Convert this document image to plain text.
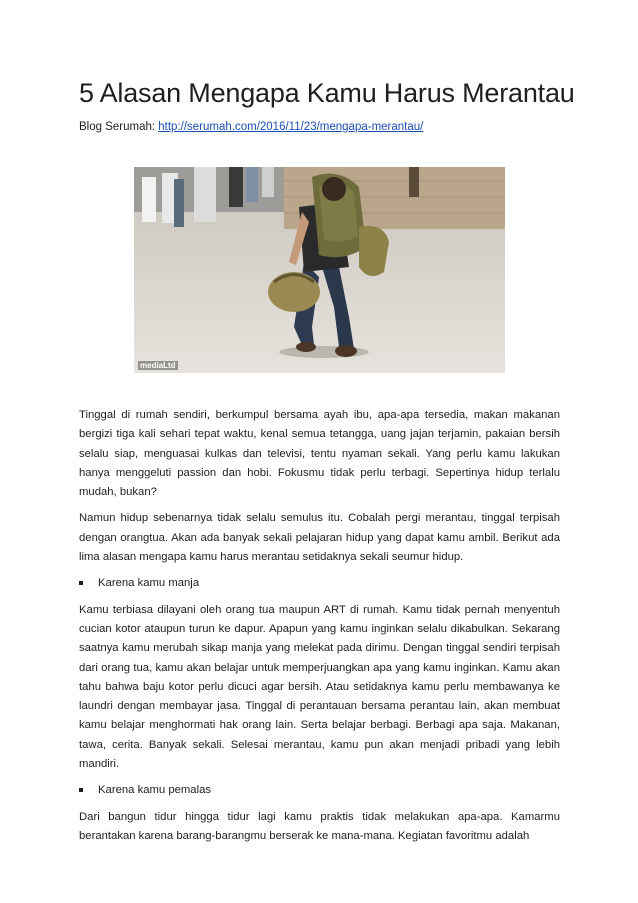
5 Alasan Mengapa Kamu Harus Merantau
Blog Serumah: http://serumah.com/2016/11/23/mengapa-merantau/
mediaLtd

Tinggal di rumah sendiri, berkumpul bersama ayah ibu, apa-apa tersedia, makan makanan bergizi tiga kali sehari tepat waktu, kenal semua tetangga, uang jajan terjamin, pakaian bersih selalu siap, menguasai kulkas dan televisi, tentu nyaman sekali. Yang perlu kamu lakukan hanya menggeluti passion dan hobi. Fokusmu tidak perlu terbagi. Sepertinya hidup terlalu mudah, bukan?

Namun hidup sebenarnya tidak selalu semulus itu. Cobalah pergi merantau, tinggal terpisah dengan orangtua. Akan ada banyak sekali pelajaran hidup yang dapat kamu ambil. Berikut ada lima alasan mengapa kamu harus merantau setidaknya sekali seumur hidup.

Karena kamu manja

Kamu terbiasa dilayani oleh orang tua maupun ART di rumah. Kamu tidak pernah menyentuh cucian kotor ataupun turun ke dapur. Apapun yang kamu inginkan selalu dikabulkan. Sekarang saatnya kamu merubah sikap manja yang melekat pada dirimu. Dengan tinggal sendiri terpisah dari orang tua, kamu akan belajar untuk memperjuangkan apa yang kamu inginkan. Kamu akan tahu bahwa baju kotor perlu dicuci agar bersih. Atau setidaknya kamu perlu membawanya ke laundri dengan membayar jasa. Tinggal di perantauan bersama perantau lain, akan membuat kamu belajar menghormati hak orang lain. Serta belajar berbagi. Berbagi apa saja. Makanan, tawa, cerita. Banyak sekali. Selesai merantau, kamu pun akan menjadi pribadi yang lebih mandiri.

Karena kamu pemalas

Dari bangun tidur hingga tidur lagi kamu praktis tidak melakukan apa-apa. Kamarmu berantakan karena barang-barangmu berserak ke mana-mana. Kegiatan favoritmu adalah
